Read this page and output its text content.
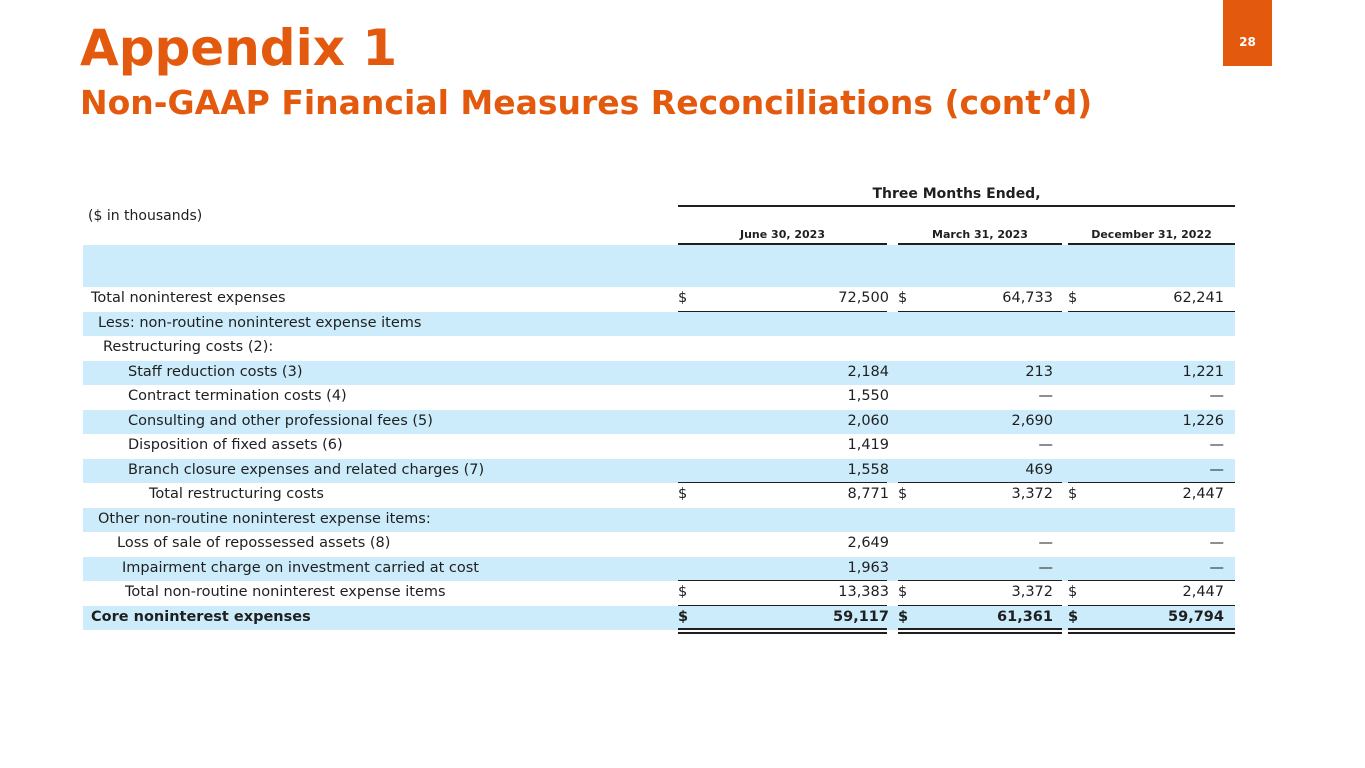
Appendix 1
Non-GAAP Financial Measures Reconciliations (cont’d)
28
Three Months Ended,
($ in thousands)
June 30, 2023	March 31, 2023	December 31, 2022
Total noninterest expenses	$	72,500 $	64,733 $	62,241
Less: non-routine noninterest expense items
Restructuring costs (2):
Staff reduction costs (3)	2,184	213	1,221
Contract termination costs (4)	1,550	—	—
Consulting and other professional fees (5)	2,060	2,690	1,226
Disposition of fixed assets (6)	1,419	—	—
Branch closure expenses and related charges (7)	1,558	469	—
Total restructuring costs	$	8,771 $	3,372 $	2,447
Other non-routine noninterest expense items:
Loss of sale of repossessed assets (8)	2,649	—	—
Impairment charge on investment carried at cost	1,963	—	—
Total non-routine noninterest expense items	$	13,383 $	3,372 $	2,447
Core noninterest expenses	$	59,117 $	61,361 $	59,794
